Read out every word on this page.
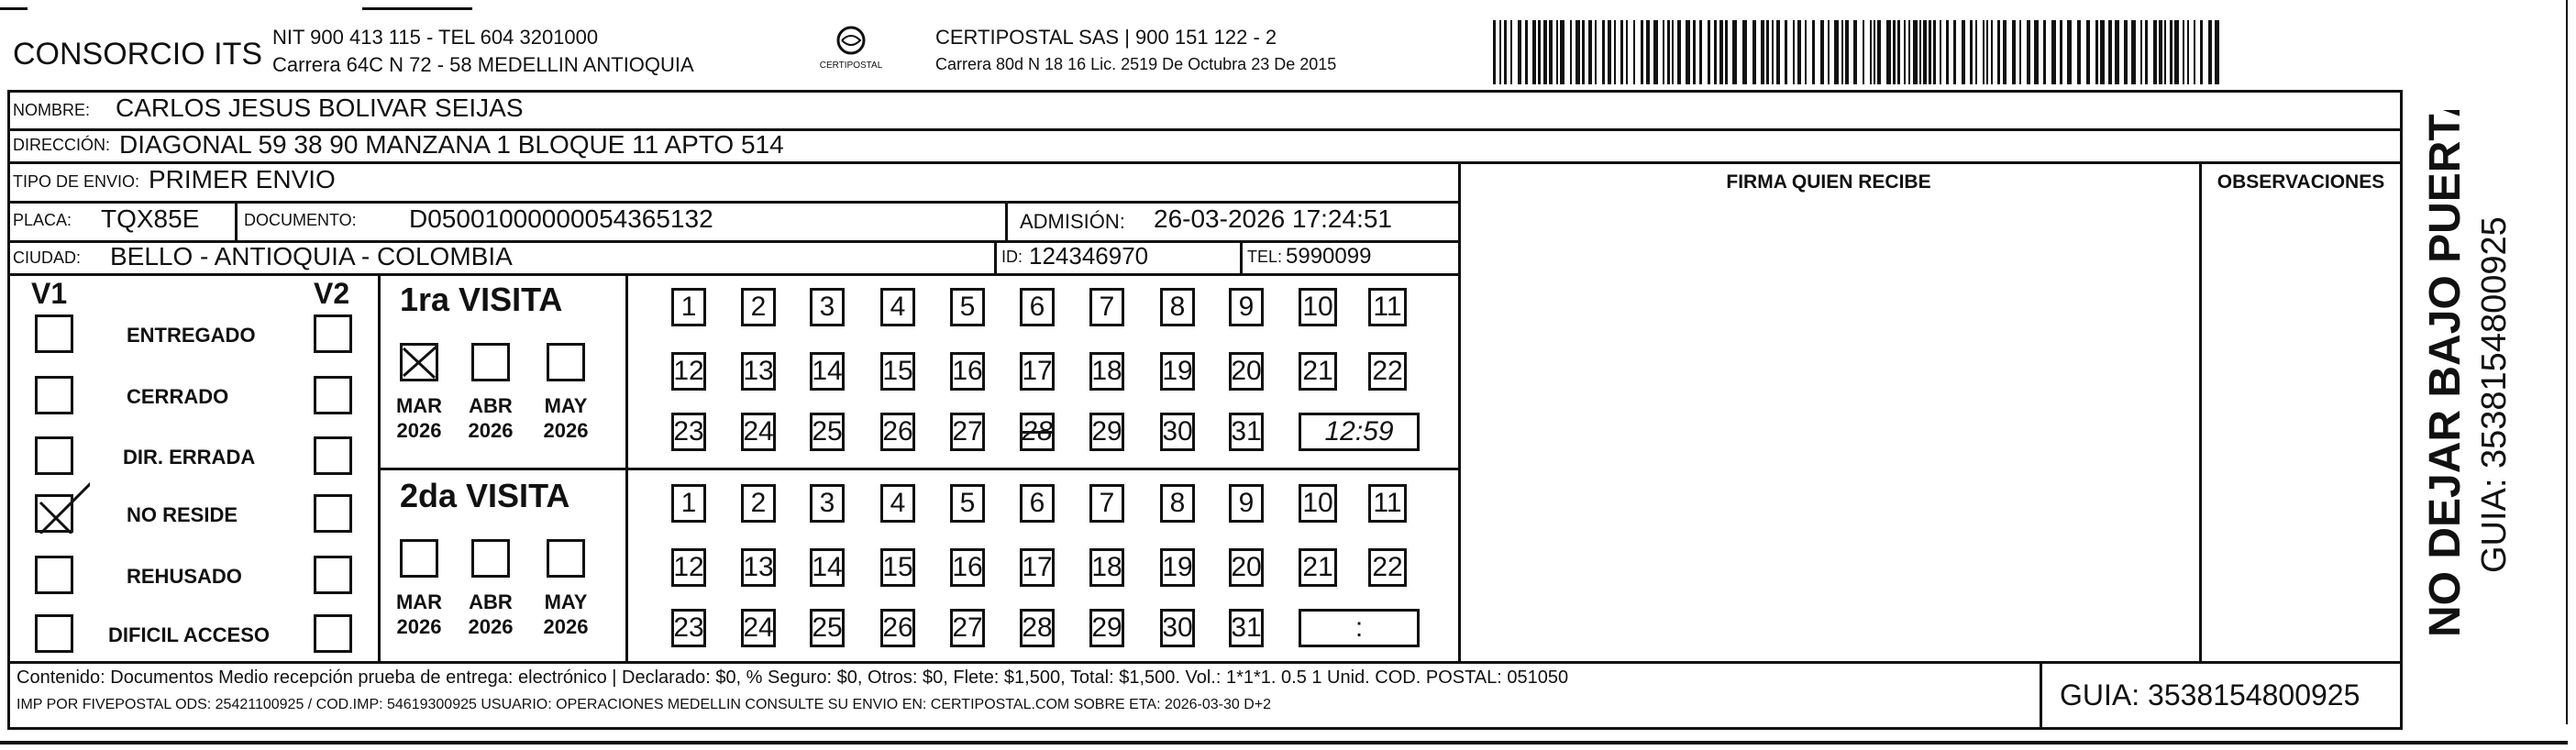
CONSORCIO ITS NIT 900 413 115 - TEL 604 3201000
Carrera 64C N 72 - 58 MEDELLIN ANTIOQUIA	CERTIPOSTAL
CERTIPOSTAL SAS | 900 151 122 - 2
Carrera 80d N 18 16 Lic. 2519 De Octubra 23 De 2015
NOMBRE: CARLOS JESUS BOLIVAR SEIJAS
DIRECCIÓN: DIAGONAL 59 38 90 MANZANA 1 BLOQUE 11 APTO 514
TIPO DE ENVIO: PRIMER ENVIO
PLACA: TQX85E	DOCUMENTO: D05001000000054365132	ADMISIÓN: 26-03-2026 17:24:51
CIUDAD: BELLO - ANTIOQUIA - COLOMBIA	ID: 124346970	TEL: 5990099
FIRMA QUIEN RECIBE	OBSERVACIONES
V1	V2
ENTREGADO
CERRADO
DIR. ERRADA
NO RESIDE
REHUSADO
DIFICIL ACCESO
1ra VISITA
MAR
2026
ABR
2026
MAY
2026
1	2	3	4	5	6	7	8	9	10 11
12 13 14 15 16 17 18 19 20 21 22
23 24 25 26 27 28 29 30 31	12:59
2da VISITA
MAR
2026
ABR
2026
MAY
2026
1	2	3	4	5	6	7	8	9	10 11
12 13 14 15 16 17 18 19 20 21 22
23 24 25 26 27 28 29 30 31	:
Contenido: Documentos Medio recepción prueba de entrega: electrónico | Declarado: $0, % Seguro: $0, Otros: $0, Flete: $1,500, Total: $1,500. Vol.: 1*1*1. 0.5 1 Unid. COD. POSTAL: 051050
IMP POR FIVEPOSTAL ODS: 25421100925 / COD.IMP: 54619300925 USUARIO: OPERACIONES MEDELLIN CONSULTE SU ENVIO EN: CERTIPOSTAL.COM SOBRE ETA: 2026-03-30 D+2	GUIA: 3538154800925
NO DEJAR BAJO PUERTA GUIA: 3538154800925
